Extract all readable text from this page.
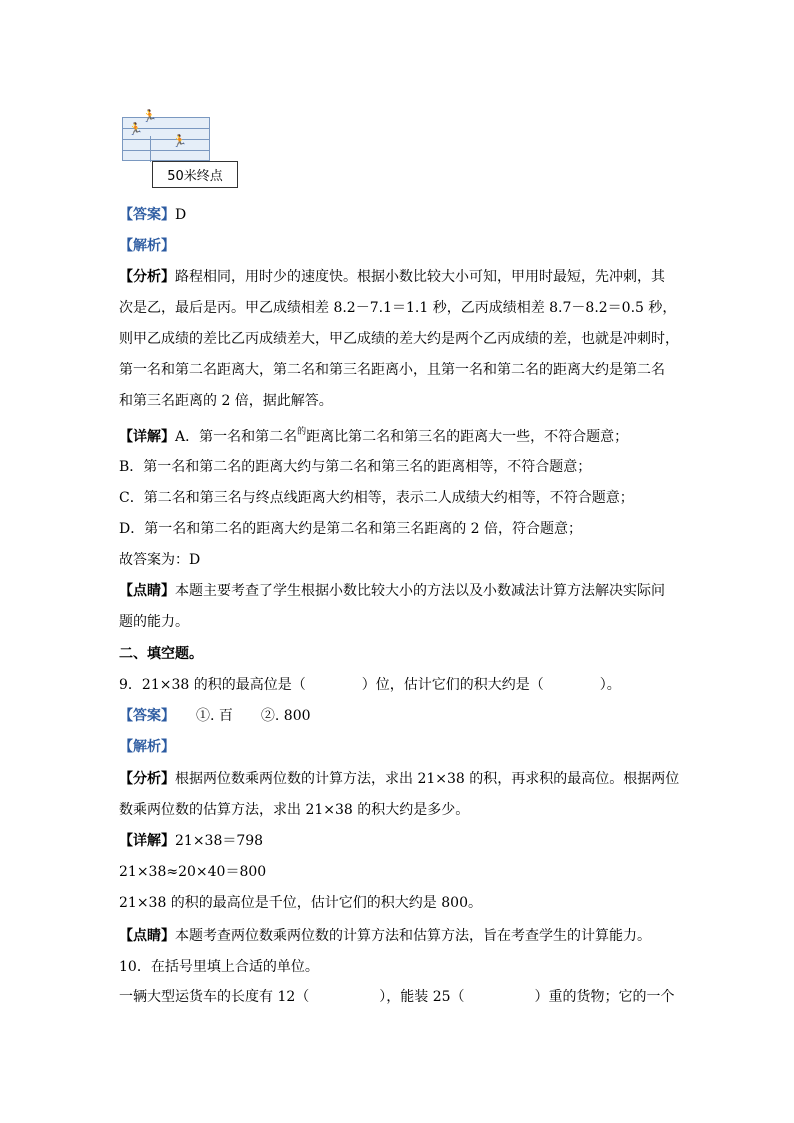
🏃
🏃
🏃
50米终点
【答案】D
【解析】
【分析】路程相同，用时少的速度快。根据小数比较大小可知，甲用时最短，先冲刺，其
次是乙，最后是丙。甲乙成绩相差 8.2－7.1＝1.1 秒，乙丙成绩相差 8.7－8.2＝0.5 秒，
则甲乙成绩的差比乙丙成绩差大，甲乙成绩的差大约是两个乙丙成绩的差，也就是冲刺时，
第一名和第二名距离大，第二名和第三名距离小，且第一名和第二名的距离大约是第二名
和第三名距离的 2 倍，据此解答。
【详解】A．第一名和第二名$^的$距离比第二名和第三名的距离大一些，不符合题意；
B．第一名和第二名的距离大约与第二名和第三名的距离相等，不符合题意；
C．第二名和第三名与终点线距离大约相等，表示二人成绩大约相等，不符合题意；
D．第一名和第二名的距离大约是第二名和第三名距离的 2 倍，符合题意；
故答案为：D
【点睛】本题主要考查了学生根据小数比较大小的方法以及小数减法计算方法解决实际问
题的能力。
二、填空题。
9．21×38 的积的最高位是（　　　　）位，估计它们的积大约是（　　　　）。
【答案】　　①. 百　　②. 800
【解析】
【分析】根据两位数乘两位数的计算方法，求出 21×38 的积，再求积的最高位。根据两位
数乘两位数的估算方法，求出 21×38 的积大约是多少。
【详解】21×38＝798
21×38≈20×40＝800
21×38 的积的最高位是千位，估计它们的积大约是 800。
【点睛】本题考查两位数乘两位数的计算方法和估算方法，旨在考查学生的计算能力。
10．在括号里填上合适的单位。
一辆大型运货车的长度有 12（　　　　　），能装 25（　　　　　）重的货物；它的一个
